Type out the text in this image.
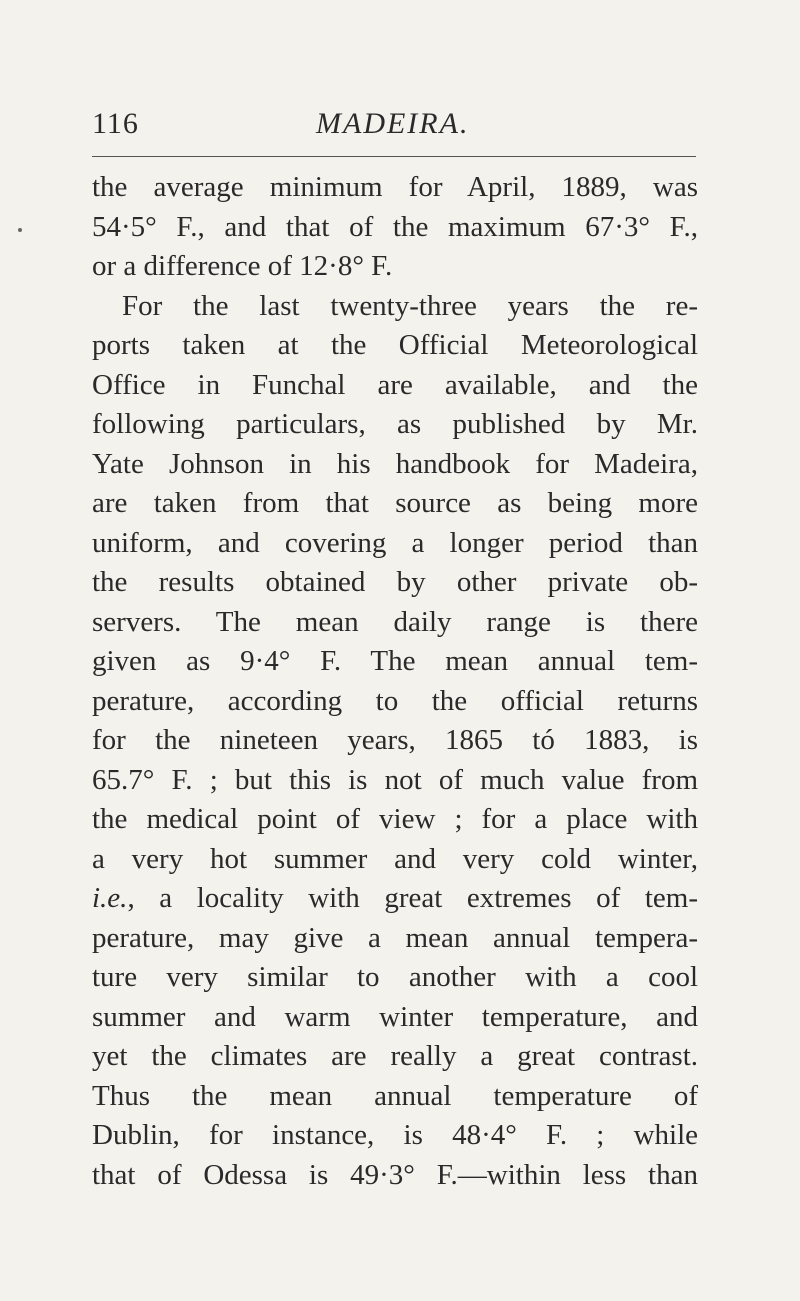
116	MADEIRA.
the average minimum for April, 1889, was
54·5° F., and that of the maximum 67·3° F.,
or a difference of 12·8° F.
For the last twenty-three years the re-
ports taken at the Official Meteorological
Office in Funchal are available, and the
following particulars, as published by Mr.
Yate Johnson in his handbook for Madeira,
are taken from that source as being more
uniform, and covering a longer period than
the results obtained by other private ob-
servers. The mean daily range is there
given as 9·4° F. The mean annual tem-
perature, according to the official returns
for the nineteen years, 1865 tó 1883, is
65.7° F. ; but this is not of much value from
the medical point of view ; for a place with
a very hot summer and very cold winter,
i.e., a locality with great extremes of tem-
perature, may give a mean annual tempera-
ture very similar to another with a cool
summer and warm winter temperature, and
yet the climates are really a great contrast.
Thus the mean annual temperature of
Dublin, for instance, is 48·4° F. ; while
that of Odessa is 49·3° F.—within less than
